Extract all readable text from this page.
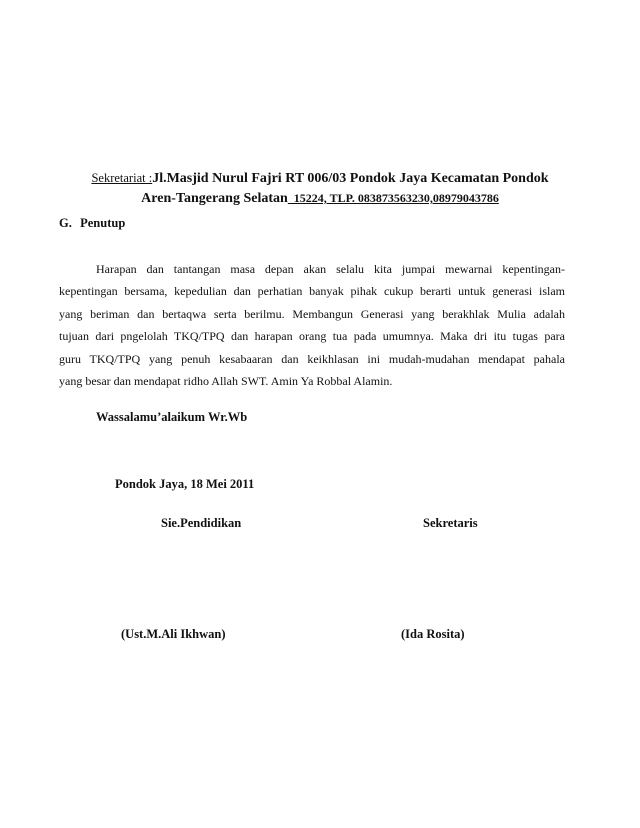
Sekretariat :Jl.Masjid Nurul Fajri RT 006/03 Pondok Jaya Kecamatan Pondok
Aren-Tangerang Selatan  15224, TLP. 083873563230,08979043786
G. Penutup

Harapan dan tantangan masa depan akan selalu kita jumpai mewarnai kepentingan-
kepentingan bersama, kepedulian dan perhatian banyak pihak cukup berarti untuk generasi islam
yang beriman dan bertaqwa serta berilmu. Membangun Generasi yang berakhlak Mulia adalah
tujuan dari pngelolah TKQ/TPQ dan harapan orang tua pada umumnya. Maka dri itu tugas para
guru TKQ/TPQ yang penuh kesabaaran dan keikhlasan ini mudah-mudahan mendapat pahala
yang besar dan mendapat ridho Allah SWT. Amin Ya Robbal Alamin.

Wassalamu’alaikum Wr.Wb
Pondok Jaya, 18 Mei 2011
Sie.Pendidikan	Sekretaris
(Ust.M.Ali Ikhwan)	(Ida Rosita)
